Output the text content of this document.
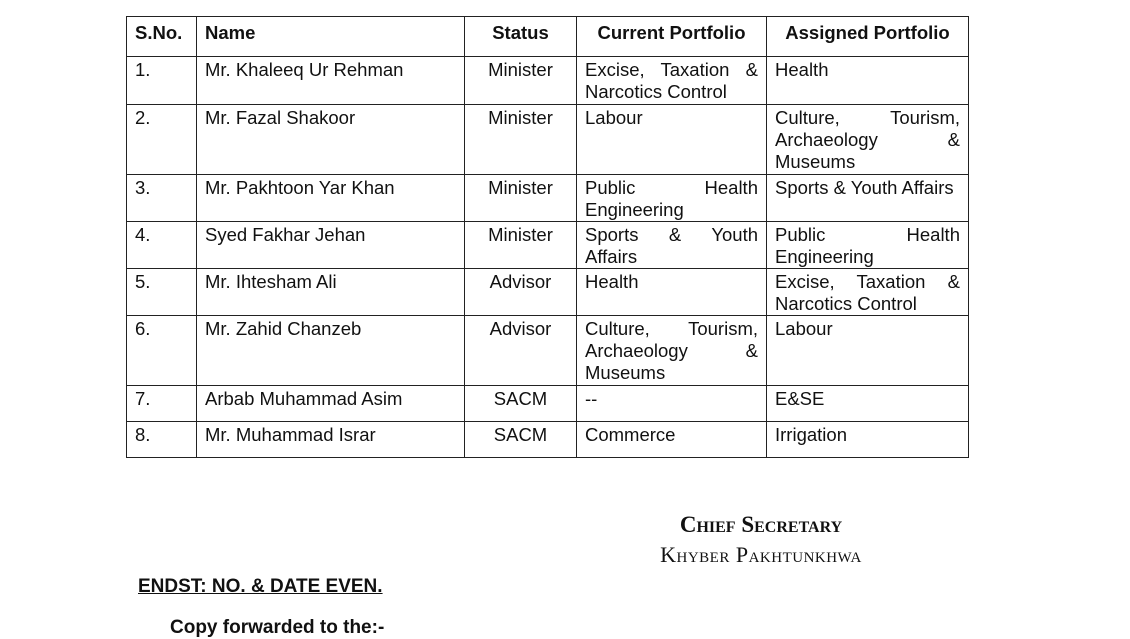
S.No.	Name	Status	Current Portfolio	Assigned Portfolio
1.	Mr. Khaleeq Ur Rehman	Minister	Excise, Taxation & Narcotics Control	Health
2.	Mr. Fazal Shakoor	Minister	Labour	Culture, Tourism, Archaeology & Museums
3.	Mr. Pakhtoon Yar Khan	Minister	Public Health Engineering	Sports & Youth Affairs
4.	Syed Fakhar Jehan	Minister	Sports & Youth Affairs	Public Health Engineering
5.	Mr. Ihtesham Ali	Advisor	Health	Excise, Taxation & Narcotics Control
6.	Mr. Zahid Chanzeb	Advisor	Culture, Tourism, Archaeology & Museums	Labour
7.	Arbab Muhammad Asim	SACM	--	E&SE
8.	Mr. Muhammad Israr	SACM	Commerce	Irrigation
Chief Secretary
Khyber Pakhtunkhwa
ENDST: NO. & DATE EVEN.
Copy forwarded to the:-
